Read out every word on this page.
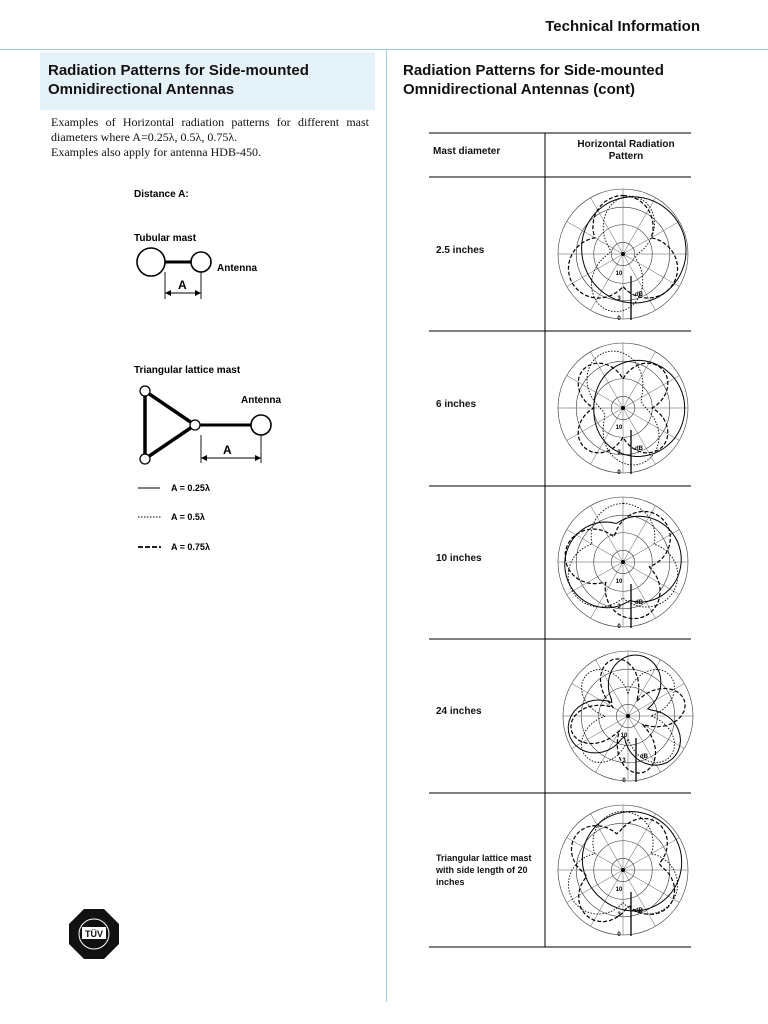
Technical Information
Radiation Patterns for Side-mounted Omnidirectional Antennas
Examples of Horizontal radiation patterns for different mast diameters where A=0.25λ, 0.5λ, 0.75λ.
Examples also apply for antenna HDB-450.
Distance A:
Tubular mast
Antenna
A
Triangular lattice mast
Antenna
A
A = 0.25λ
A = 0.5λ
A = 0.75λ
TÜV
Radiation Patterns for Side-mounted Omnidirectional Antennas (cont)
10
3
0
dB
10
3
0
dB
10
3
0
dB
10
3
0
dB
10
3
0
dB
Mast diameter
Horizontal Radiation Pattern
2.5 inches
6 inches
10 inches
24 inches
Triangular lattice mast with side length of 20 inches
